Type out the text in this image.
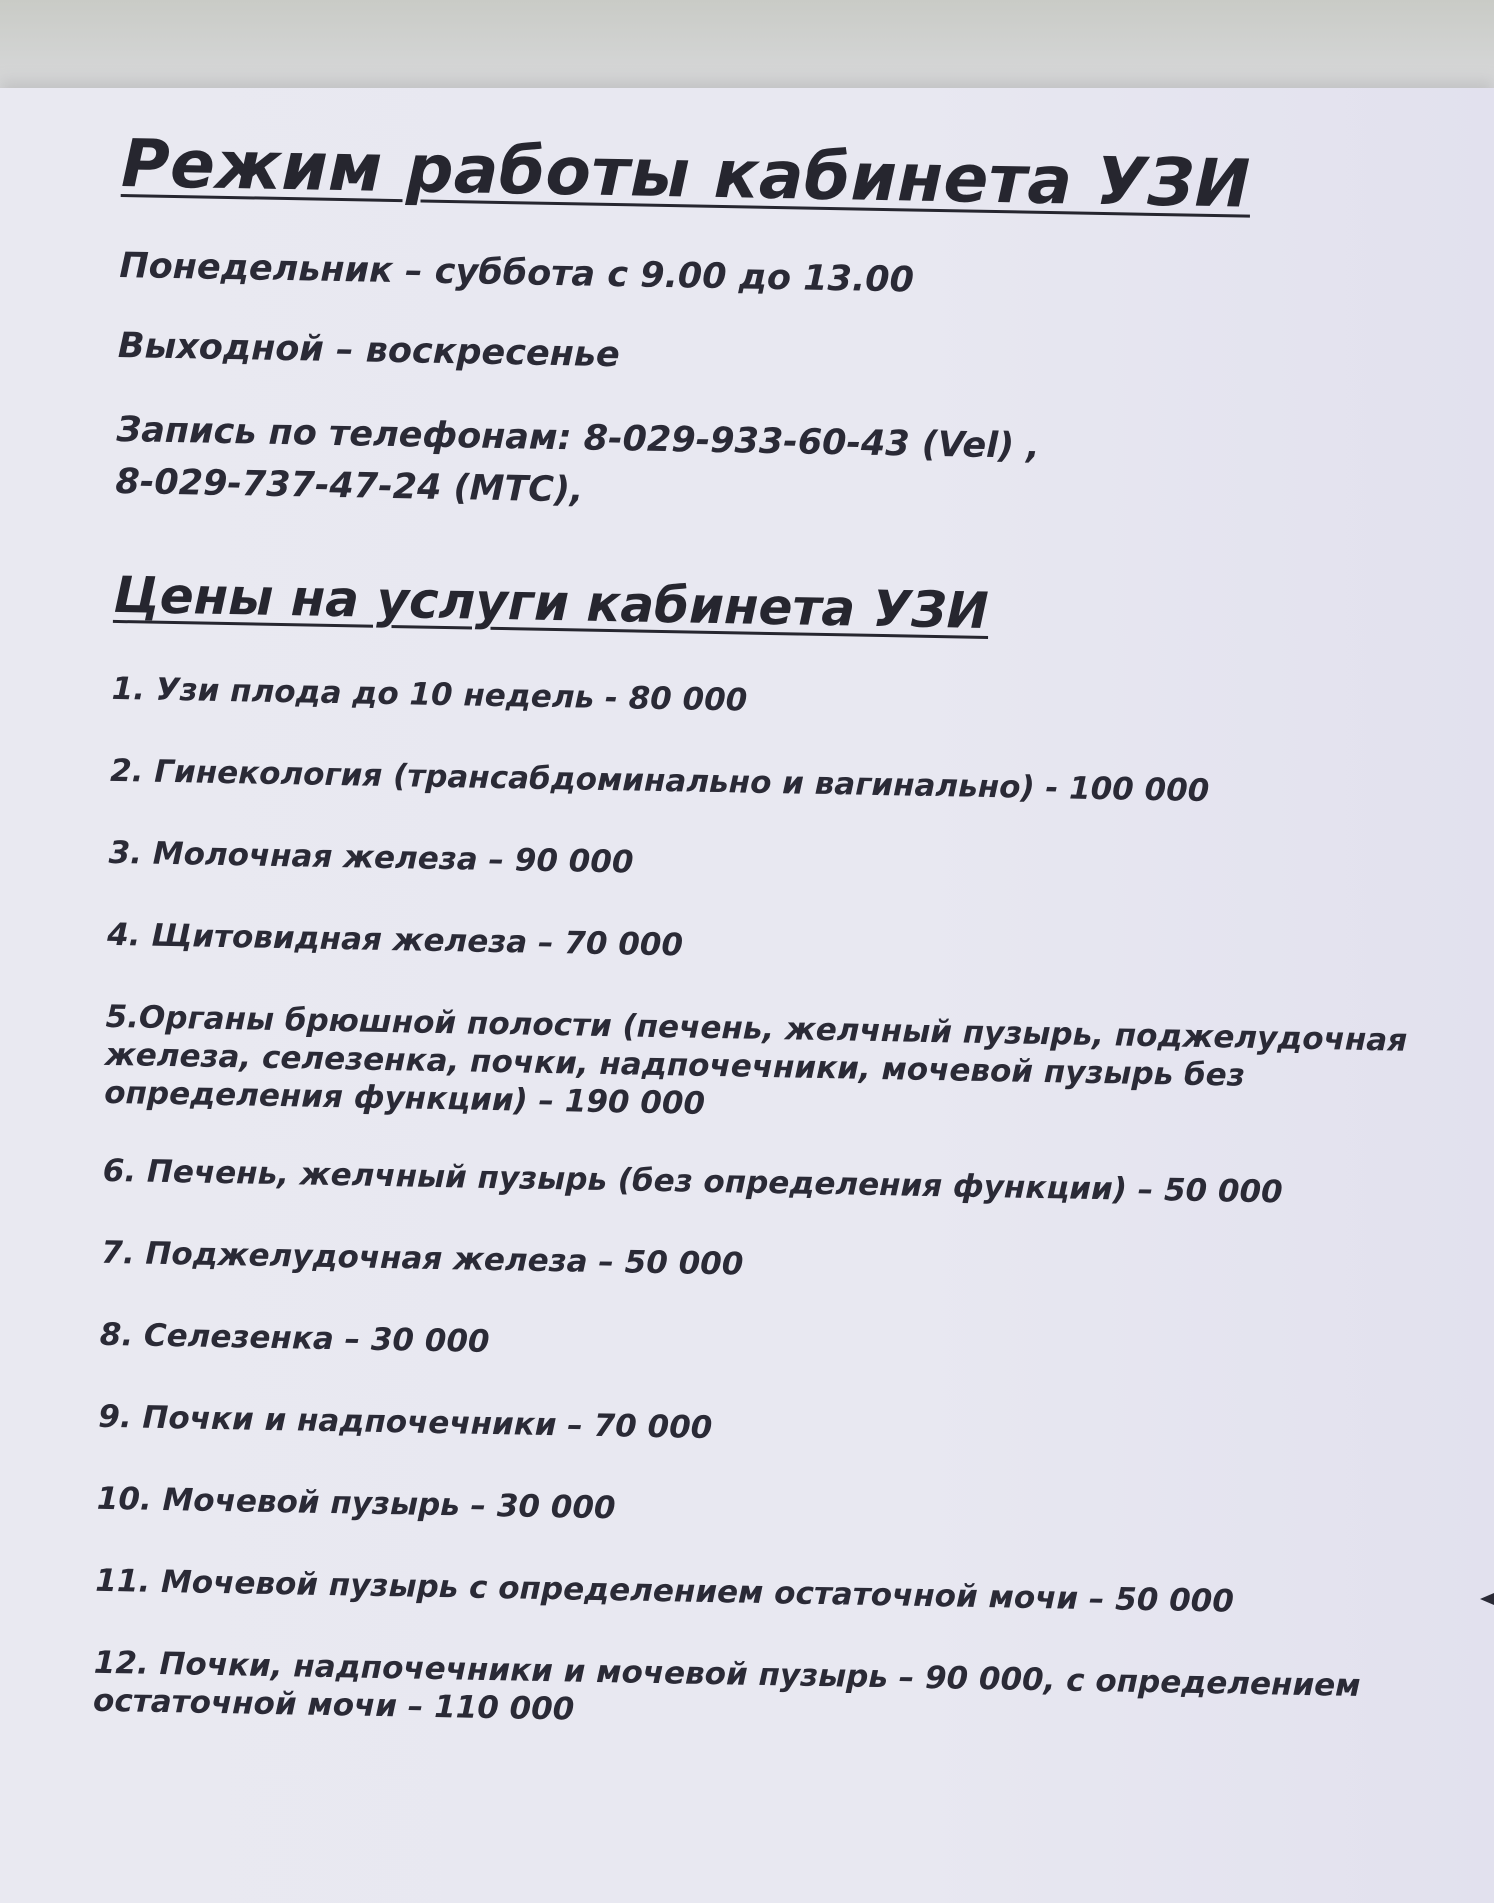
Режим работы кабинета УЗИ

Понедельник – суббота с 9.00 до 13.00

Выходной – воскресенье

Запись по телефонам: 8-029-933-60-43 (Vel) ,

8-029-737-47-24 (МТС),

Цены на услуги кабинета УЗИ
1. Узи плода до 10 недель - 80 000
2. Гинекология (трансабдоминально и вагинально) - 100 000
3. Молочная железа – 90 000
4. Щитовидная железа – 70 000
5.Органы брюшной полости (печень, желчный пузырь, поджелудочная железа, селезенка, почки, надпочечники, мочевой пузырь без определения функции) – 190 000
6. Печень, желчный пузырь (без определения функции) – 50 000
7. Поджелудочная железа – 50 000
8. Селезенка – 30 000
9. Почки и надпочечники – 70 000
10. Мочевой пузырь – 30 000
11. Мочевой пузырь с определением остаточной мочи – 50 000
12. Почки, надпочечники и мочевой пузырь – 90 000, с определением остаточной мочи – 110 000
